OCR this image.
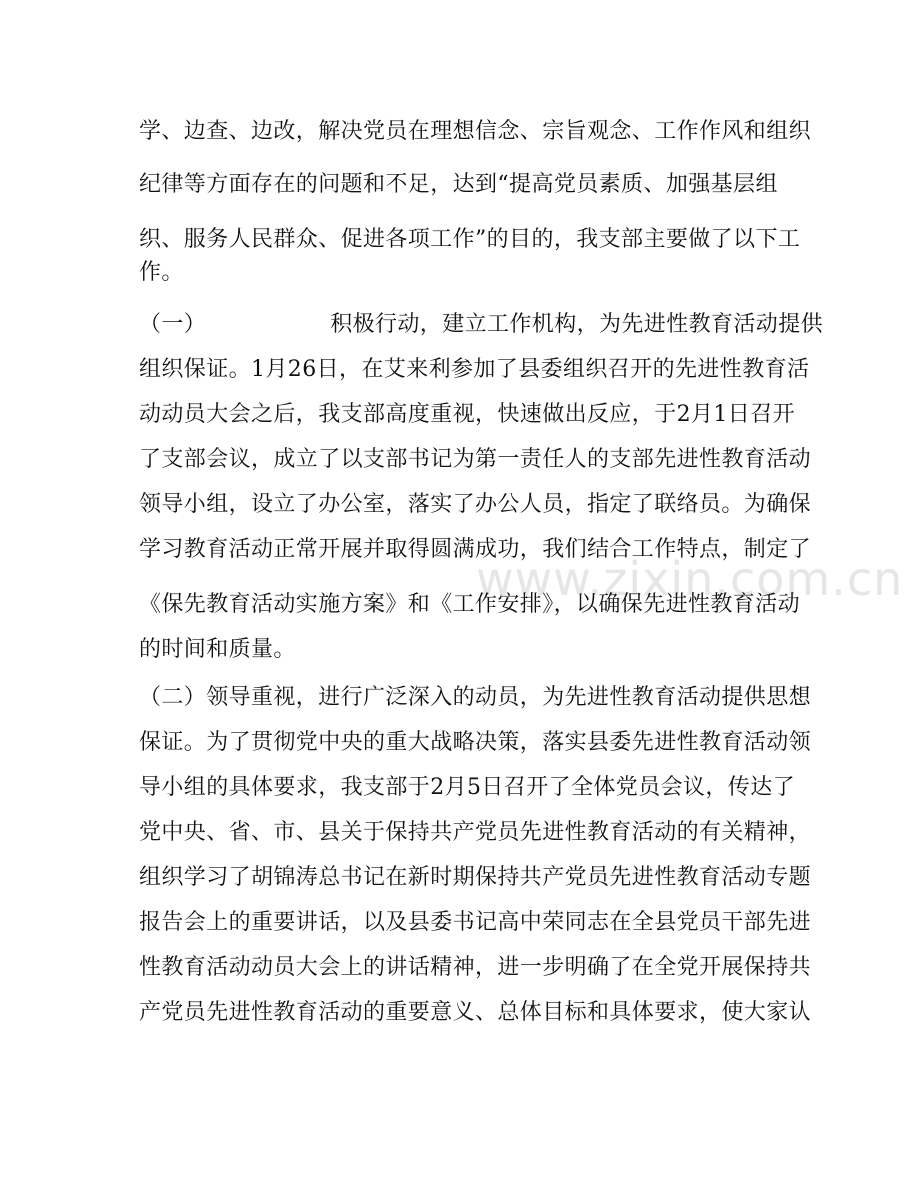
www.zixin.com.cn
学、边查、边改，解决党员在理想信念、宗旨观念、工作作风和组织
纪律等方面存在的问题和不足，达到“提高党员素质、加强基层组
织、服务人民群众、促进各项工作”的目的，我支部主要做了以下工
作。
（一）	积极行动，建立工作机构，为先进性教育活动提供
组织保证。1月26日，在艾来利参加了县委组织召开的先进性教育活
动动员大会之后，我支部高度重视，快速做出反应，于2月1日召开
了支部会议，成立了以支部书记为第一责任人的支部先进性教育活动
领导小组，设立了办公室，落实了办公人员，指定了联络员。为确保
学习教育活动正常开展并取得圆满成功，我们结合工作特点，制定了
《保先教育活动实施方案》和《工作安排》，以确保先进性教育活动
的时间和质量。
（二）领导重视，进行广泛深入的动员，为先进性教育活动提供思想
保证。为了贯彻党中央的重大战略决策，落实县委先进性教育活动领
导小组的具体要求，我支部于2月5日召开了全体党员会议，传达了
党中央、省、市、县关于保持共产党员先进性教育活动的有关精神，
组织学习了胡锦涛总书记在新时期保持共产党员先进性教育活动专题
报告会上的重要讲话，以及县委书记高中荣同志在全县党员干部先进
性教育活动动员大会上的讲话精神，进一步明确了在全党开展保持共
产党员先进性教育活动的重要意义、总体目标和具体要求，使大家认
